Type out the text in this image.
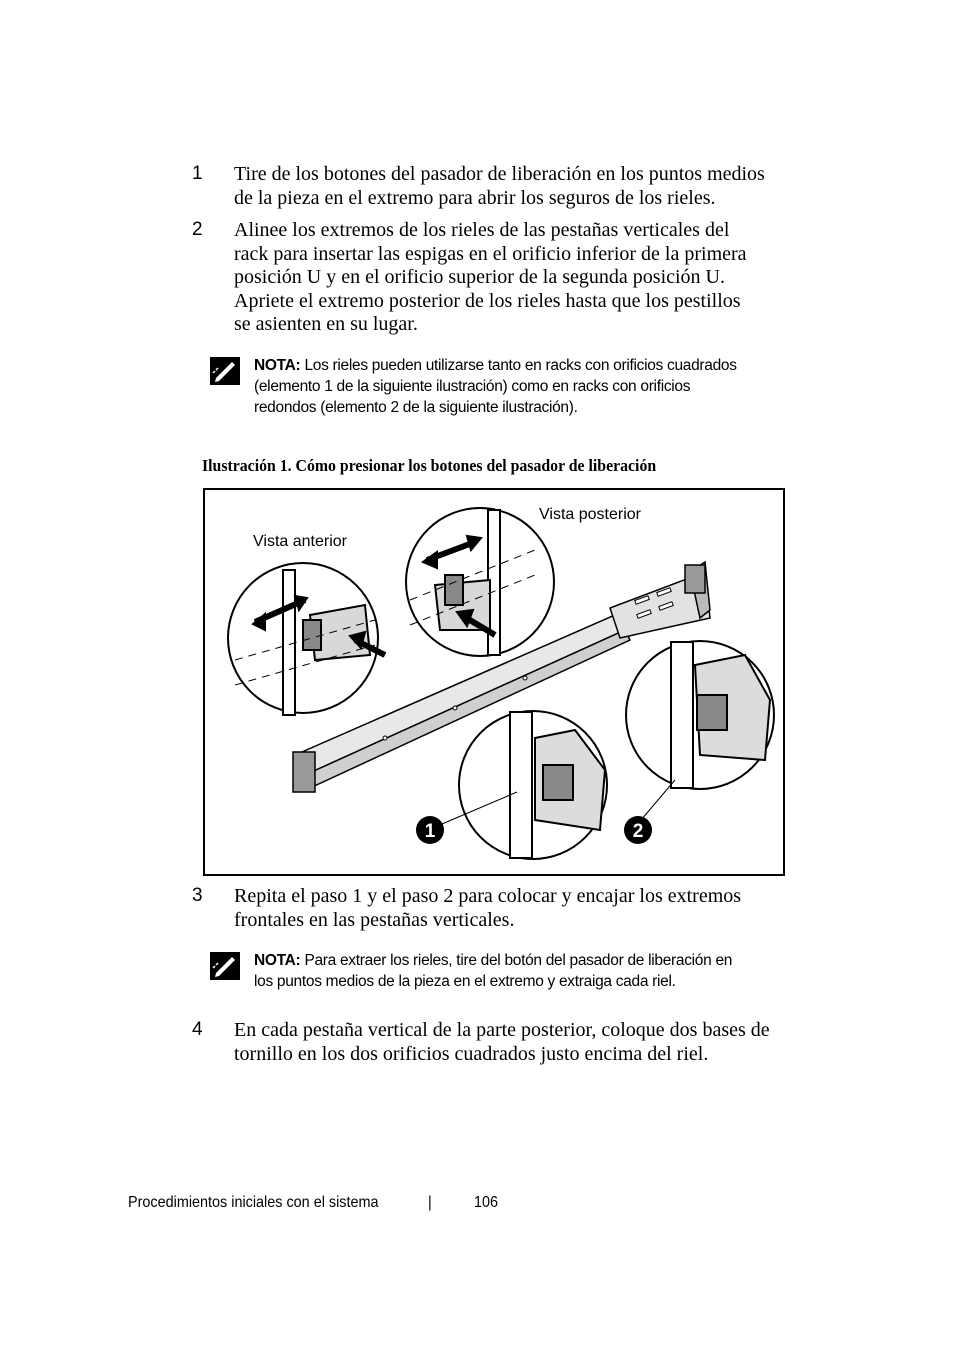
1	Tire de los botones del pasador de liberación en los puntos medios
de la pieza en el extremo para abrir los seguros de los rieles.
2	Alinee los extremos de los rieles de las pestañas verticales del
rack para insertar las espigas en el orificio inferior de la primera
posición U y en el orificio superior de la segunda posición U.
Apriete el extremo posterior de los rieles hasta que los pestillos
se asienten en su lugar.
NOTA: Los rieles pueden utilizarse tanto en racks con orificios cuadrados
(elemento 1 de la siguiente ilustración) como en racks con orificios
redondos (elemento 2 de la siguiente ilustración).
Ilustración 1. Cómo presionar los botones del pasador de liberación
1	2
Vista anterior
Vista posterior
3	Repita el paso 1 y el paso 2 para colocar y encajar los extremos
frontales en las pestañas verticales.
NOTA: Para extraer los rieles, tire del botón del pasador de liberación en
los puntos medios de la pieza en el extremo y extraiga cada riel.
4	En cada pestaña vertical de la parte posterior, coloque dos bases de
tornillo en los dos orificios cuadrados justo encima del riel.
Procedimientos iniciales con el sistema	|	106
